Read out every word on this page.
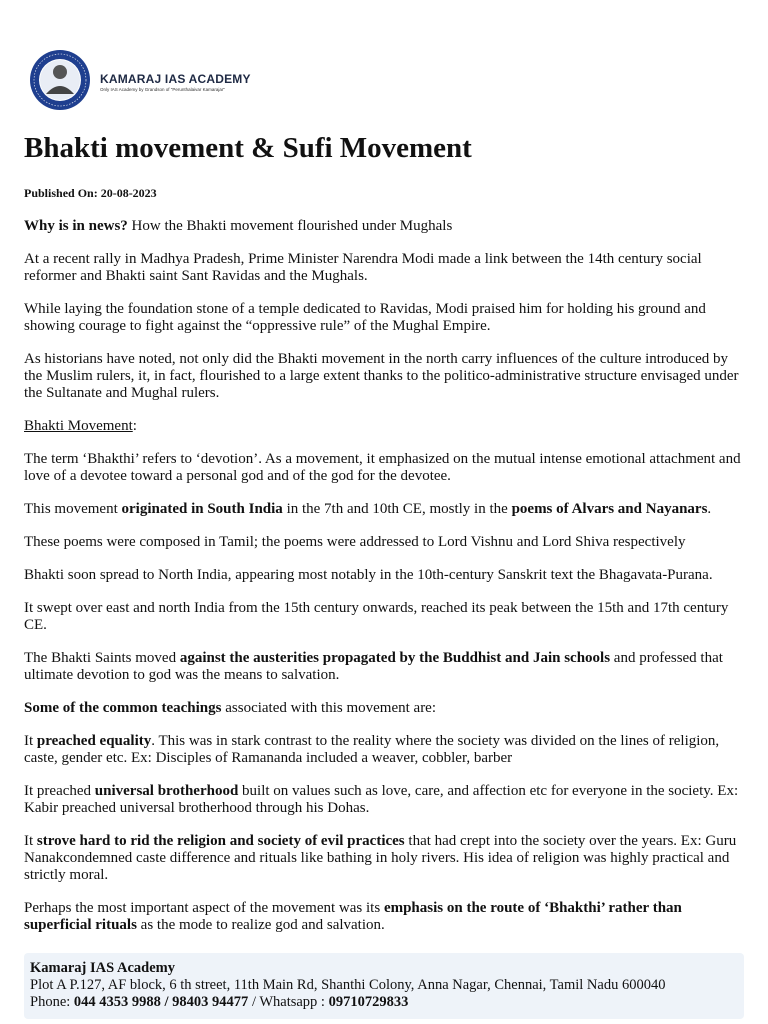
KAMARAJ IAS ACADEMY
Only IAS Academy by Grandson of "Perunthalaivar Kamarajar"
Bhakti movement & Sufi Movement
Published On: 20-08-2023

Why is in news? How the Bhakti movement flourished under Mughals

At a recent rally in Madhya Pradesh, Prime Minister Narendra Modi made a link between the 14th century social reformer and Bhakti saint Sant Ravidas and the Mughals.

While laying the foundation stone of a temple dedicated to Ravidas, Modi praised him for holding his ground and showing courage to fight against the “oppressive rule” of the Mughal Empire.

As historians have noted, not only did the Bhakti movement in the north carry influences of the culture introduced by the Muslim rulers, it, in fact, flourished to a large extent thanks to the politico-administrative structure envisaged under the Sultanate and Mughal rulers.

Bhakti Movement:

The term ‘Bhakthi’ refers to ‘devotion’. As a movement, it emphasized on the mutual intense emotional attachment and love of a devotee toward a personal god and of the god for the devotee.

This movement originated in South India in the 7th and 10th CE, mostly in the poems of Alvars and Nayanars.

These poems were composed in Tamil; the poems were addressed to Lord Vishnu and Lord Shiva respectively

Bhakti soon spread to North India, appearing most notably in the 10th-century Sanskrit text the Bhagavata-Purana.

It swept over east and north India from the 15th century onwards, reached its peak between the 15th and 17th century CE.

The Bhakti Saints moved against the austerities propagated by the Buddhist and Jain schools and professed that ultimate devotion to god was the means to salvation.

Some of the common teachings associated with this movement are:

It preached equality. This was in stark contrast to the reality where the society was divided on the lines of religion, caste, gender etc. Ex: Disciples of Ramananda included a weaver, cobbler, barber

It preached universal brotherhood built on values such as love, care, and affection etc for everyone in the society. Ex: Kabir preached universal brotherhood through his Dohas.

It strove hard to rid the religion and society of evil practices that had crept into the society over the years. Ex: Guru Nanakcondemned caste difference and rituals like bathing in holy rivers. His idea of religion was highly practical and strictly moral.

Perhaps the most important aspect of the movement was its emphasis on the route of ‘Bhakthi’ rather than superficial rituals as the mode to realize god and salvation.

Kamaraj IAS Academy
Plot A P.127, AF block, 6 th street, 11th Main Rd, Shanthi Colony, Anna Nagar, Chennai, Tamil Nadu 600040
Phone: 044 4353 9988 / 98403 94477 / Whatsapp : 09710729833
